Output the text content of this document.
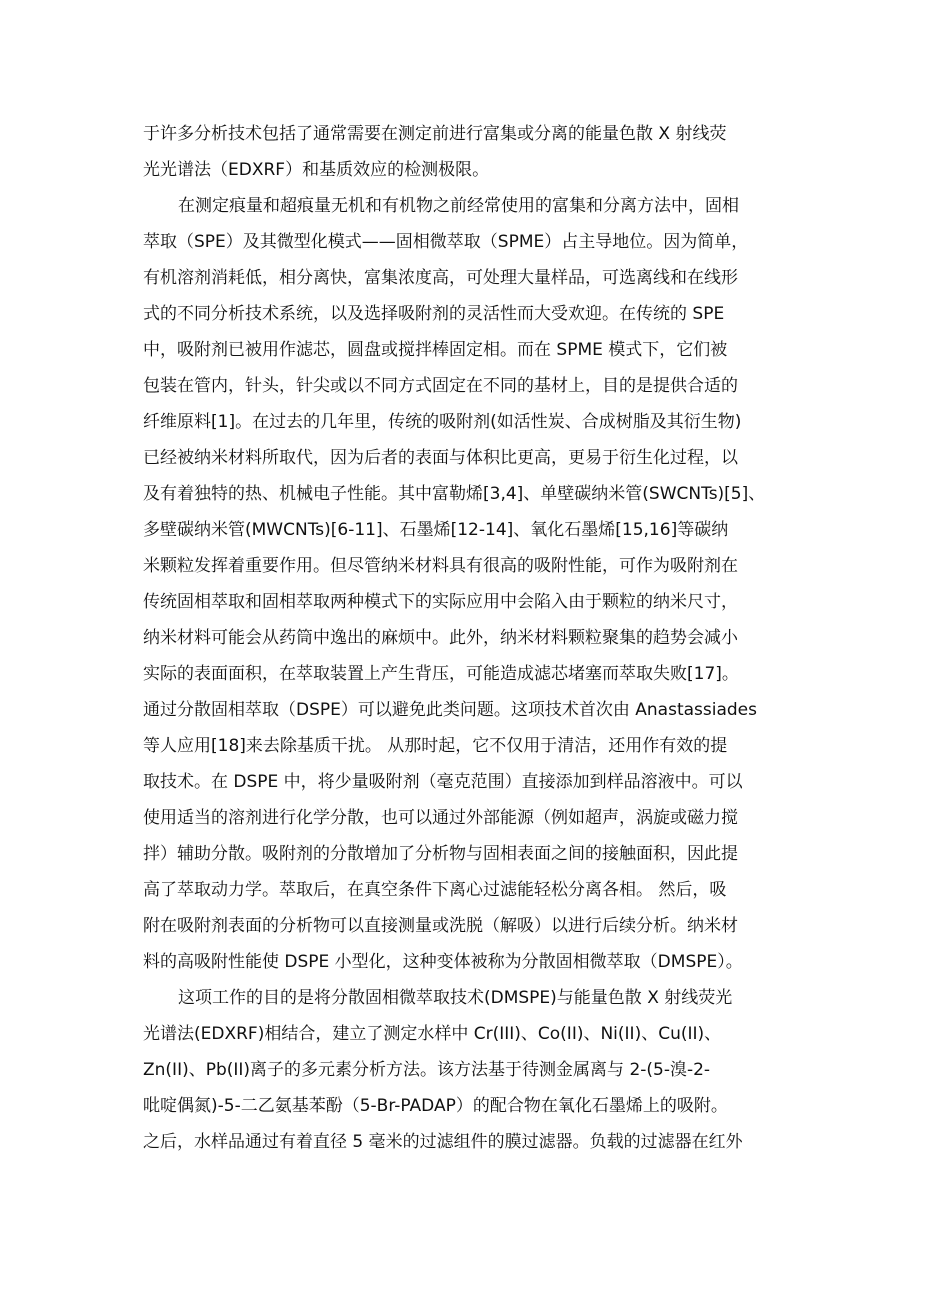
于许多分析技术包括了通常需要在测定前进行富集或分离的能量色散 X 射线荧
光光谱法（EDXRF）和基质效应的检测极限。
在测定痕量和超痕量无机和有机物之前经常使用的富集和分离方法中，固相
萃取（SPE）及其微型化模式——固相微萃取（SPME）占主导地位。因为简单，
有机溶剂消耗低，相分离快，富集浓度高，可处理大量样品，可选离线和在线形
式的不同分析技术系统，以及选择吸附剂的灵活性而大受欢迎。在传统的 SPE
中，吸附剂已被用作滤芯，圆盘或搅拌棒固定相。而在 SPME 模式下，它们被
包装在管内，针头，针尖或以不同方式固定在不同的基材上，目的是提供合适的
纤维原料[1]。在过去的几年里，传统的吸附剂(如活性炭、合成树脂及其衍生物)
已经被纳米材料所取代，因为后者的表面与体积比更高，更易于衍生化过程，以
及有着独特的热、机械电子性能。其中富勒烯[3,4]、单壁碳纳米管(SWCNTs)[5]、
多壁碳纳米管(MWCNTs)[6-11]、石墨烯[12-14]、氧化石墨烯[15,16]等碳纳
米颗粒发挥着重要作用。但尽管纳米材料具有很高的吸附性能，可作为吸附剂在
传统固相萃取和固相萃取两种模式下的实际应用中会陷入由于颗粒的纳米尺寸，
纳米材料可能会从药筒中逸出的麻烦中。此外，纳米材料颗粒聚集的趋势会减小
实际的表面面积，在萃取装置上产生背压，可能造成滤芯堵塞而萃取失败[17]。
通过分散固相萃取（DSPE）可以避免此类问题。这项技术首次由 Anastassiades
等人应用[18]来去除基质干扰。 从那时起，它不仅用于清洁，还用作有效的提
取技术。在 DSPE 中，将少量吸附剂（毫克范围）直接添加到样品溶液中。可以
使用适当的溶剂进行化学分散，也可以通过外部能源（例如超声，涡旋或磁力搅
拌）辅助分散。吸附剂的分散增加了分析物与固相表面之间的接触面积，因此提
高了萃取动力学。萃取后，在真空条件下离心过滤能轻松分离各相。 然后，吸
附在吸附剂表面的分析物可以直接测量或洗脱（解吸）以进行后续分析。纳米材
料的高吸附性能使 DSPE 小型化，这种变体被称为分散固相微萃取（DMSPE）。
这项工作的目的是将分散固相微萃取技术(DMSPE)与能量色散 X 射线荧光
光谱法(EDXRF)相结合，建立了测定水样中 Cr(III)、Co(II)、Ni(II)、Cu(II)、
Zn(II)、Pb(II)离子的多元素分析方法。该方法基于待测金属离与 2-(5-溴-2-
吡啶偶氮)-5-二乙氨基苯酚（5-Br-PADAP）的配合物在氧化石墨烯上的吸附。
之后，水样品通过有着直径 5 毫米的过滤组件的膜过滤器。负载的过滤器在红外
